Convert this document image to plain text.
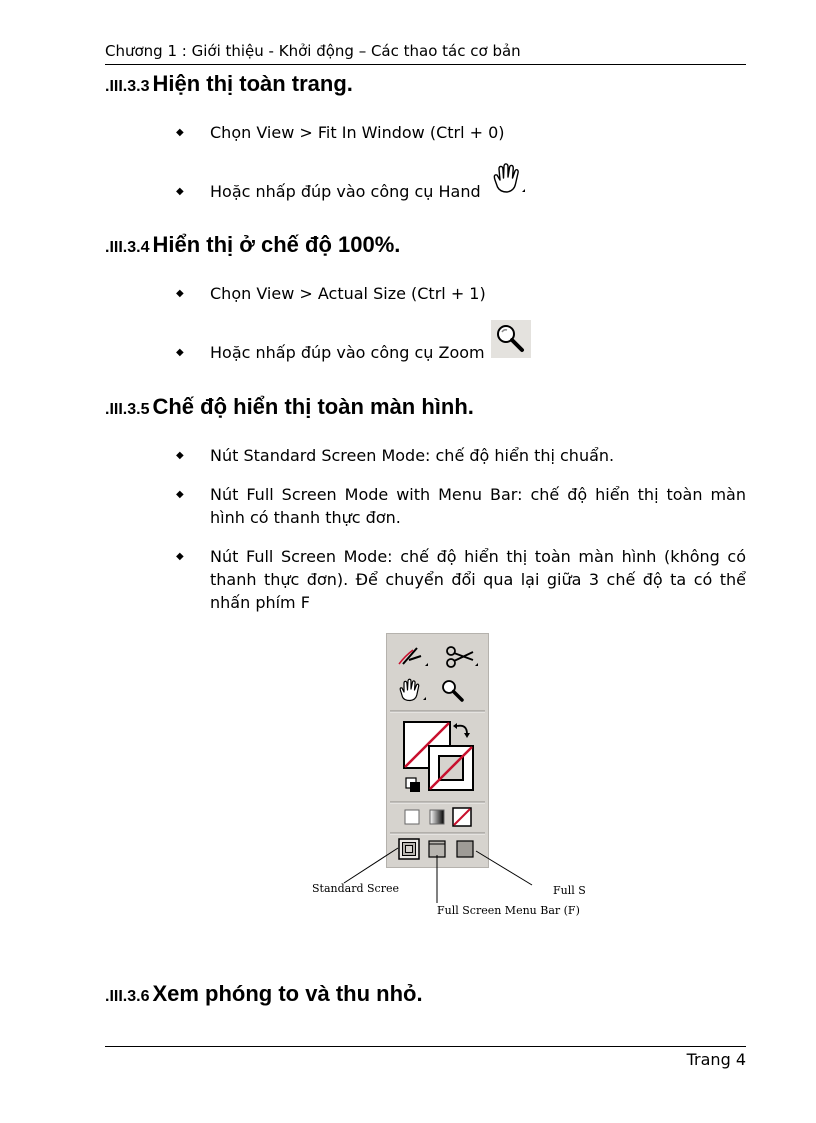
Chương 1 : Giới thiệu - Khởi động – Các thao tác cơ bản
.III.3.3 Hiện thị toàn trang.
◆ Chọn View > Fit In Window (Ctrl + 0)
◆ Hoặc nhấp đúp vào công cụ Hand
.III.3.4 Hiển thị ở chế độ 100%.
◆ Chọn View > Actual Size (Ctrl + 1)
◆ Hoặc nhấp đúp vào công cụ Zoom
.III.3.5 Chế độ hiển thị toàn màn hình.
◆ Nút Standard Screen Mode: chế độ hiển thị chuẩn.
◆ Nút Full Screen Mode with Menu Bar: chế độ hiển thị toàn màn hình có thanh thực đơn.
◆ Nút Full Screen Mode: chế độ hiển thị toàn màn hình (không có thanh thực đơn). Để chuyển đổi qua lại giữa 3 chế độ ta có thể nhấn phím F
Standard Scree
Full Screen Menu Bar (F)
Full S
.III.3.6 Xem phóng to và thu nhỏ.
Trang 4
